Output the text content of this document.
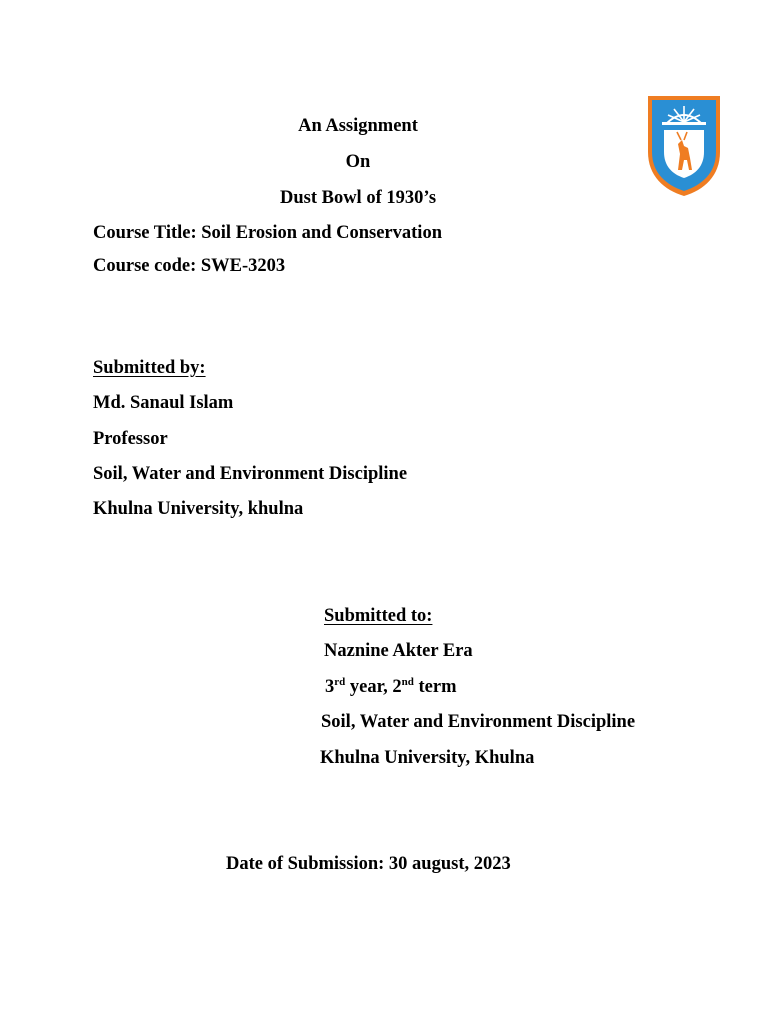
An Assignment
On
Dust Bowl of 1930’s
Course Title: Soil Erosion and Conservation
Course code: SWE-3203
Submitted by:
Md. Sanaul Islam
Professor
Soil, Water and Environment Discipline
Khulna University, khulna
Submitted to:
Naznine Akter Era
3rd year, 2nd term
Soil, Water and Environment Discipline
Khulna University, Khulna
Date of Submission: 30 august, 2023
